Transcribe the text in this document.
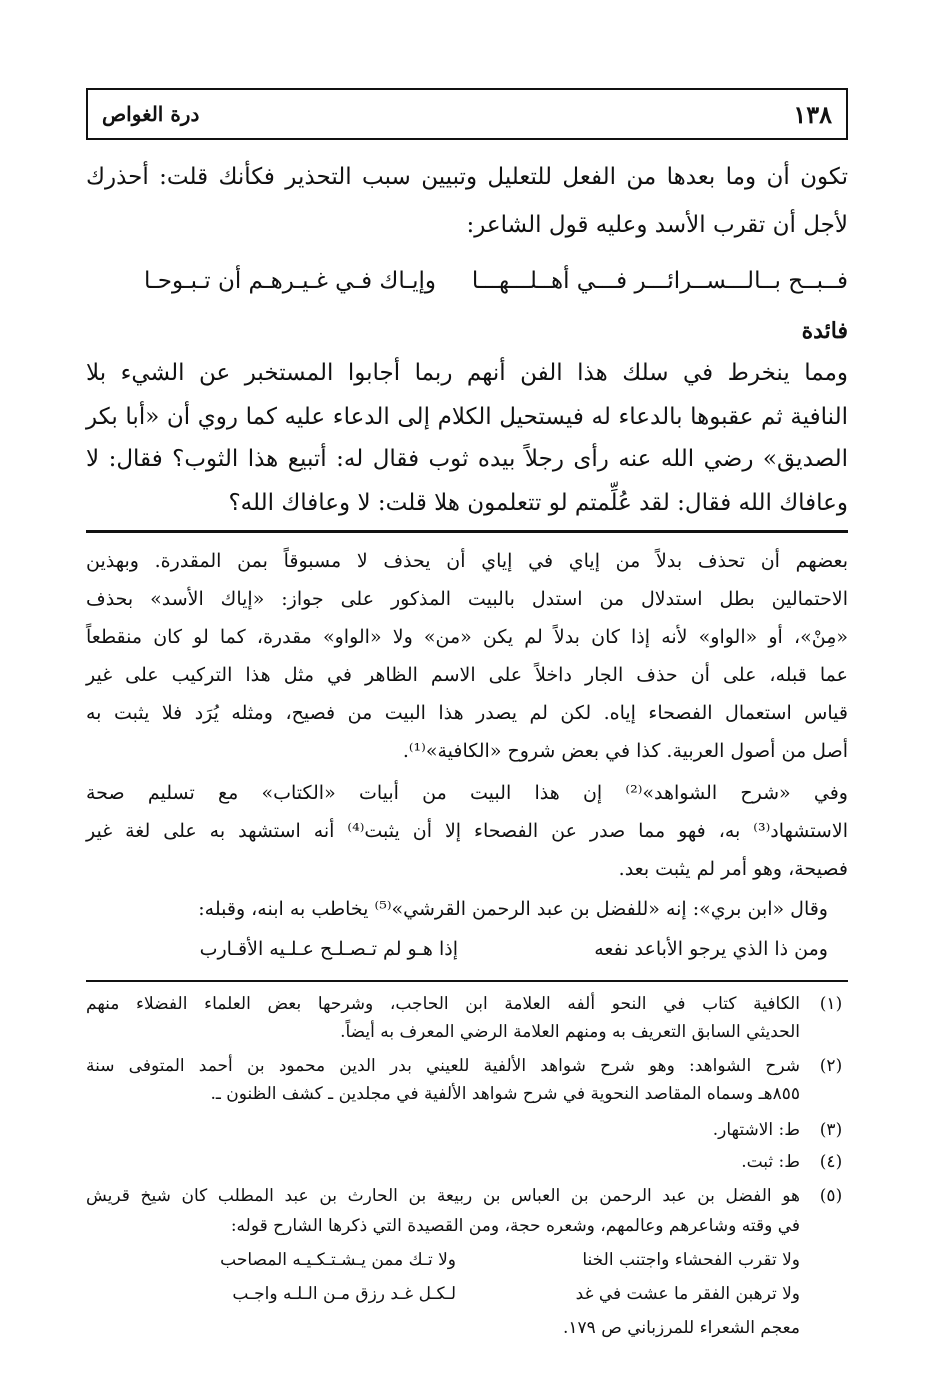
١٣٨
درة الغواص
تكون أن وما بعدها من الفعل للتعليل وتبيين سبب التحذير فكأنك قلت: أحذرك
لأجل أن تقرب الأسد وعليه قول الشاعر:
فــبــح بــالـــســرائـــر فـــي أهــلـــهـــا
وإيـاك فـي غـيـرهـم أن تـبـوحـا
فائدة
ومما ينخرط في سلك هذا الفن أنهم ربما أجابوا المستخبر عن الشيء بلا
النافية ثم عقبوها بالدعاء له فيستحيل الكلام إلى الدعاء عليه كما روي أن «أبا بكر
الصديق» رضي الله عنه رأى رجلاً بيده ثوب فقال له: أتبيع هذا الثوب؟ فقال: لا
وعافاك الله فقال: لقد عُلِّمتم لو تتعلمون هلا قلت: لا وعافاك الله؟
بعضهم أن تحذف بدلاً من إياي في إياي أن يحذف لا مسبوقاً بمن المقدرة. وبهذين
الاحتمالين بطل استدلال من استدل بالبيت المذكور على جواز: «إياك الأسد» بحذف
«مِنْ»، أو «الواو» لأنه إذا كان بدلاً لم يكن «من» ولا «الواو» مقدرة، كما لو كان منقطعاً
عما قبله، على أن حذف الجار داخلاً على الاسم الظاهر في مثل هذا التركيب على غير
قياس استعمال الفصحاء إياه. لكن لم يصدر هذا البيت من فصيح، ومثله يُرَد فلا يثبت به
أصل من أصول العربية. كذا في بعض شروح «الكافية»⁽¹⁾.
وفي «شرح الشواهد»⁽²⁾ إن هذا البيت من أبيات «الكتاب» مع تسليم صحة
الاستشهاد⁽³⁾ به، فهو مما صدر عن الفصحاء إلا أن يثبت⁽⁴⁾ أنه استشهد به على لغة غير
فصيحة، وهو أمر لم يثبت بعد.
وقال «ابن بري»: إنه «للفضل بن عبد الرحمن القرشي»⁽⁵⁾ يخاطب به ابنه، وقبله:
ومن ذا الذي يرجو الأباعد نفعه
إذا هـو لم تـصـلـح عـلـيه الأقـارب
(١)
الكافية كتاب في النحو ألفه العلامة ابن الحاجب، وشرحها بعض العلماء الفضلاء منهم
الحديثي السابق التعريف به ومنهم العلامة الرضي المعرف به أيضاً.
(٢)
شرح الشواهد: وهو شرح شواهد الألفية للعيني بدر الدين محمود بن أحمد المتوفى سنة
٨٥٥هـ وسماه المقاصد النحوية في شرح شواهد الألفية في مجلدين ـ كشف الظنون ـ.
(٣)
ط: الاشتهار.
(٤)
ط: ثبت.
(٥)
هو الفضل بن عبد الرحمن بن العباس بن ربيعة بن الحارث بن عبد المطلب كان شيخ قريش
في وقته وشاعرهم وعالمهم، وشعره حجة، ومن القصيدة التي ذكرها الشارح قوله:
ولا تقرب الفحشاء واجتنب الخنا
ولا تـك ممن يـشـتـكـيـه المصاحب
ولا ترهبن الفقر ما عشت في غد
لـكـل غـد رزق مـن الـلـه واجـب
معجم الشعراء للمرزباني ص ١٧٩.
